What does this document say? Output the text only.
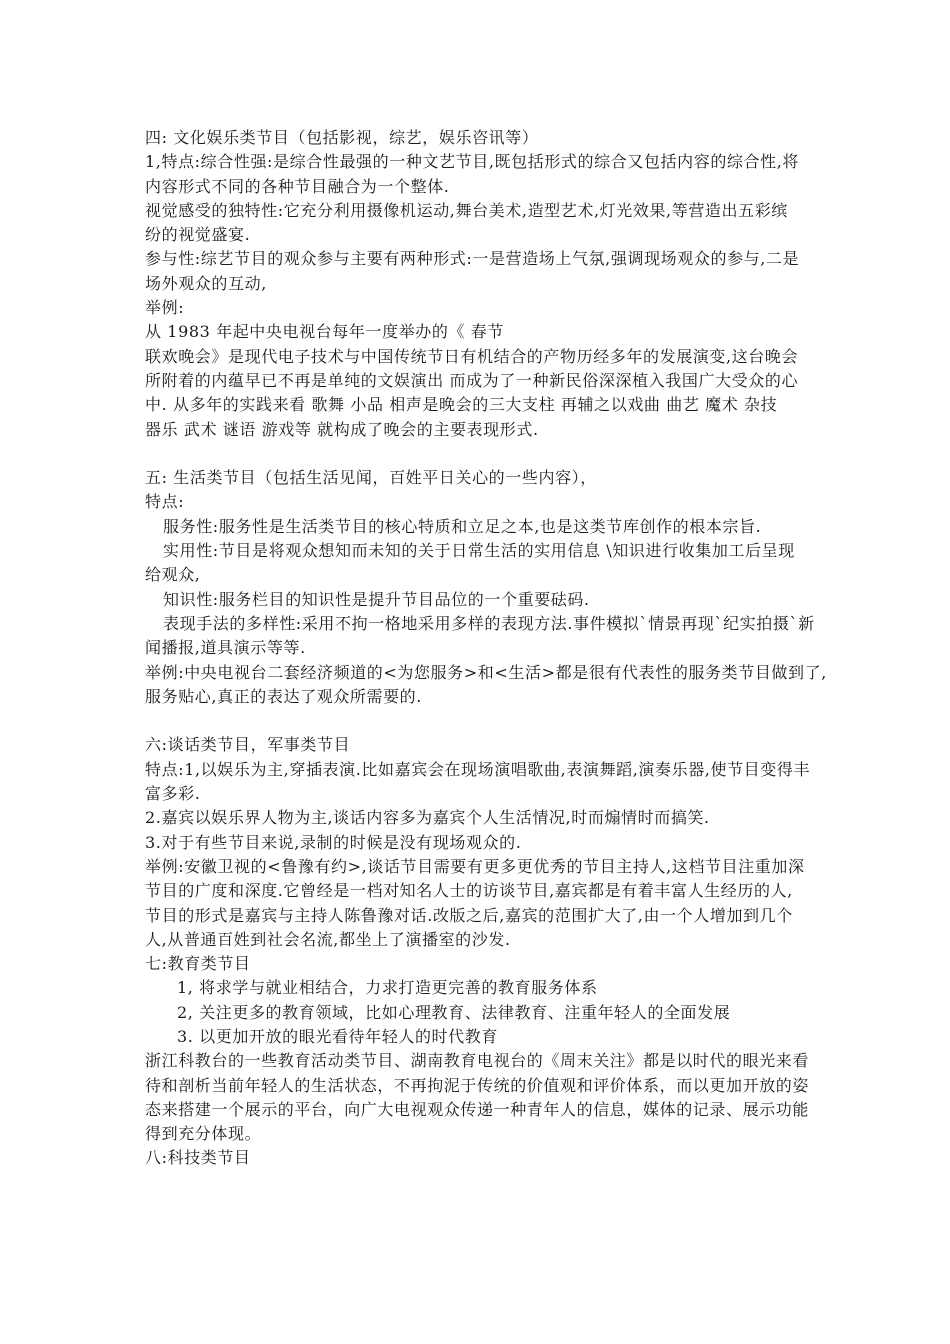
四: 文化娱乐类节目（包括影视，综艺，娱乐咨讯等）
1,特点:综合性强:是综合性最强的一种文艺节目,既包括形式的综合又包括内容的综合性,将
内容形式不同的各种节目融合为一个整体.
视觉感受的独特性:它充分利用摄像机运动,舞台美术,造型艺术,灯光效果,等营造出五彩缤
纷的视觉盛宴.
参与性:综艺节目的观众参与主要有两种形式:一是营造场上气氛,强调现场观众的参与,二是
场外观众的互动,
举例:
从 1983 年起中央电视台每年一度举办的《 春节
联欢晚会》是现代电子技术与中国传统节日有机结合的产物历经多年的发展演变,这台晚会
所附着的内蕴早已不再是单纯的文娱演出 而成为了一种新民俗深深植入我国广大受众的心
中. 从多年的实践来看 歌舞 小品 相声是晚会的三大支柱 再辅之以戏曲 曲艺 魔术 杂技
器乐 武术 谜语 游戏等 就构成了晚会的主要表现形式.
五: 生活类节目（包括生活见闻，百姓平日关心的一些内容），
特点:
服务性:服务性是生活类节目的核心特质和立足之本,也是这类节库创作的根本宗旨.
实用性:节目是将观众想知而未知的关于日常生活的实用信息 \知识进行收集加工后呈现
给观众,
知识性:服务栏目的知识性是提升节目品位的一个重要砝码.
表现手法的多样性:采用不拘一格地采用多样的表现方法.事件模拟`情景再现`纪实拍摄`新
闻播报,道具演示等等.
举例:中央电视台二套经济频道的<为您服务>和<生活>都是很有代表性的服务类节目做到了,
服务贴心,真正的表达了观众所需要的.
六:谈话类节目，军事类节目
特点:1,以娱乐为主,穿插表演.比如嘉宾会在现场演唱歌曲,表演舞蹈,演奏乐器,使节目变得丰
富多彩.
2.嘉宾以娱乐界人物为主,谈话内容多为嘉宾个人生活情况,时而煽情时而搞笑.
3.对于有些节目来说,录制的时候是没有现场观众的.
举例:安徽卫视的<鲁豫有约>,谈话节目需要有更多更优秀的节目主持人,这档节目注重加深
节目的广度和深度.它曾经是一档对知名人士的访谈节目,嘉宾都是有着丰富人生经历的人,
节目的形式是嘉宾与主持人陈鲁豫对话.改版之后,嘉宾的范围扩大了,由一个人增加到几个
人,从普通百姓到社会名流,都坐上了演播室的沙发.
七:教育类节目
1, 将求学与就业相结合，力求打造更完善的教育服务体系
2, 关注更多的教育领域，比如心理教育、法律教育、注重年轻人的全面发展
3. 以更加开放的眼光看待年轻人的时代教育
浙江科教台的一些教育活动类节目、湖南教育电视台的《周末关注》都是以时代的眼光来看
待和剖析当前年轻人的生活状态，不再拘泥于传统的价值观和评价体系，而以更加开放的姿
态来搭建一个展示的平台，向广大电视观众传递一种青年人的信息，媒体的记录、展示功能
得到充分体现。
八:科技类节目
